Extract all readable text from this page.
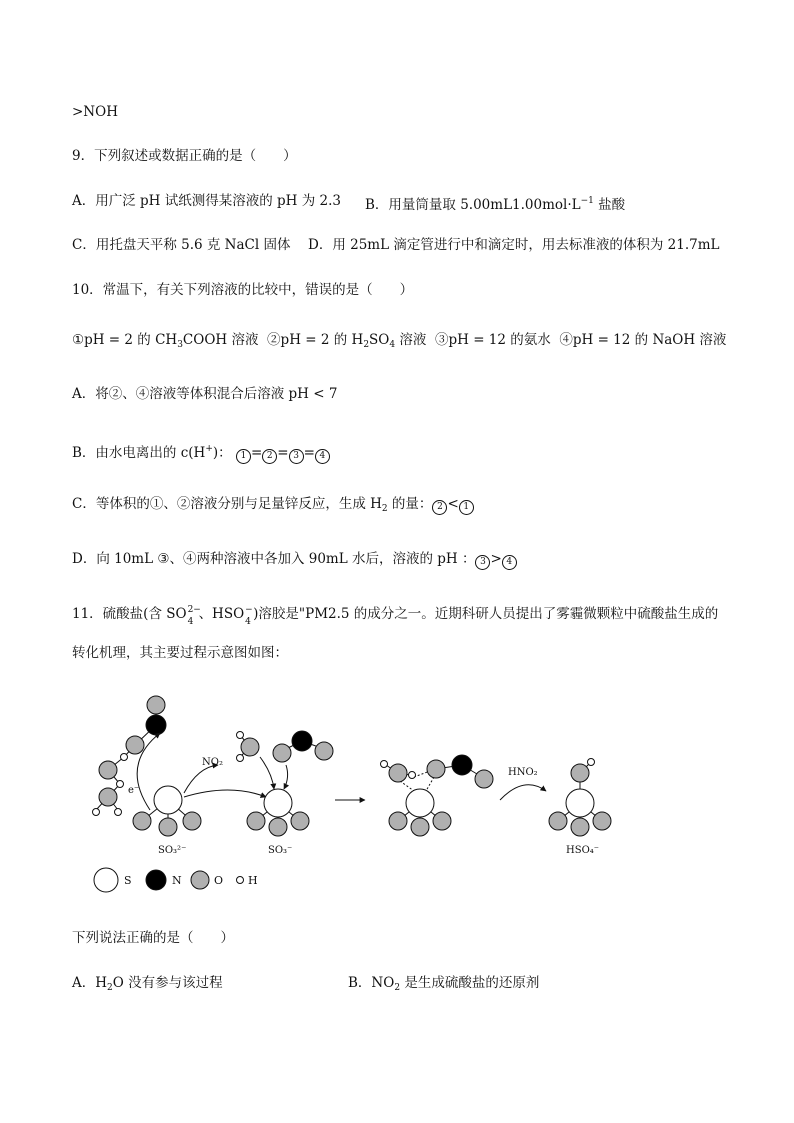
>NOH
9．下列叙述或数据正确的是（　　）
A．用广泛 pH 试纸测得某溶液的 pH 为 2.3 B．用量筒量取 $5.00mL1.00mol\cdot L^{-1}$ 盐酸
C．用托盘天平称 5.6 克 NaCl 固体 D．用 25mL 滴定管进行中和滴定时，用去标准液的体积为 21.7mL
10．常温下，有关下列溶液的比较中，错误的是（　　）
①pH = 2 的 $CH_3COOH$ 溶液 ②pH = 2 的 $H_2SO_4$ 溶液 ③pH = 12 的氨水 ④pH = 12 的 NaOH 溶液
A．将②、④溶液等体积混合后溶液 pH < 7
B．由水电离出的 c(H+)： 1 = 2 = 3 = 4
C．等体积的①、②溶液分别与足量锌反应，生成 $H_2$ 的量： 2 < 1
D．向 10mL ③、④两种溶液中各加入 90mL 水后，溶液的 pH ： 3 > 4
11．硫酸盐(含 SO 2−
4 、HSO −
4 )溶胶是"PM2.5 的成分之一。近期科研人员提出了雾霾微颗粒中硫酸盐生成的
转化机理，其主要过程示意图如图：
SO₃²⁻	SO₃⁻	HSO₄⁻
NO₂
HNO₂
e⁻
S	N	O H
下列说法正确的是（　　）
A．$H_2O$ 没有参与该过程	B．$NO_2$ 是生成硫酸盐的还原剂
